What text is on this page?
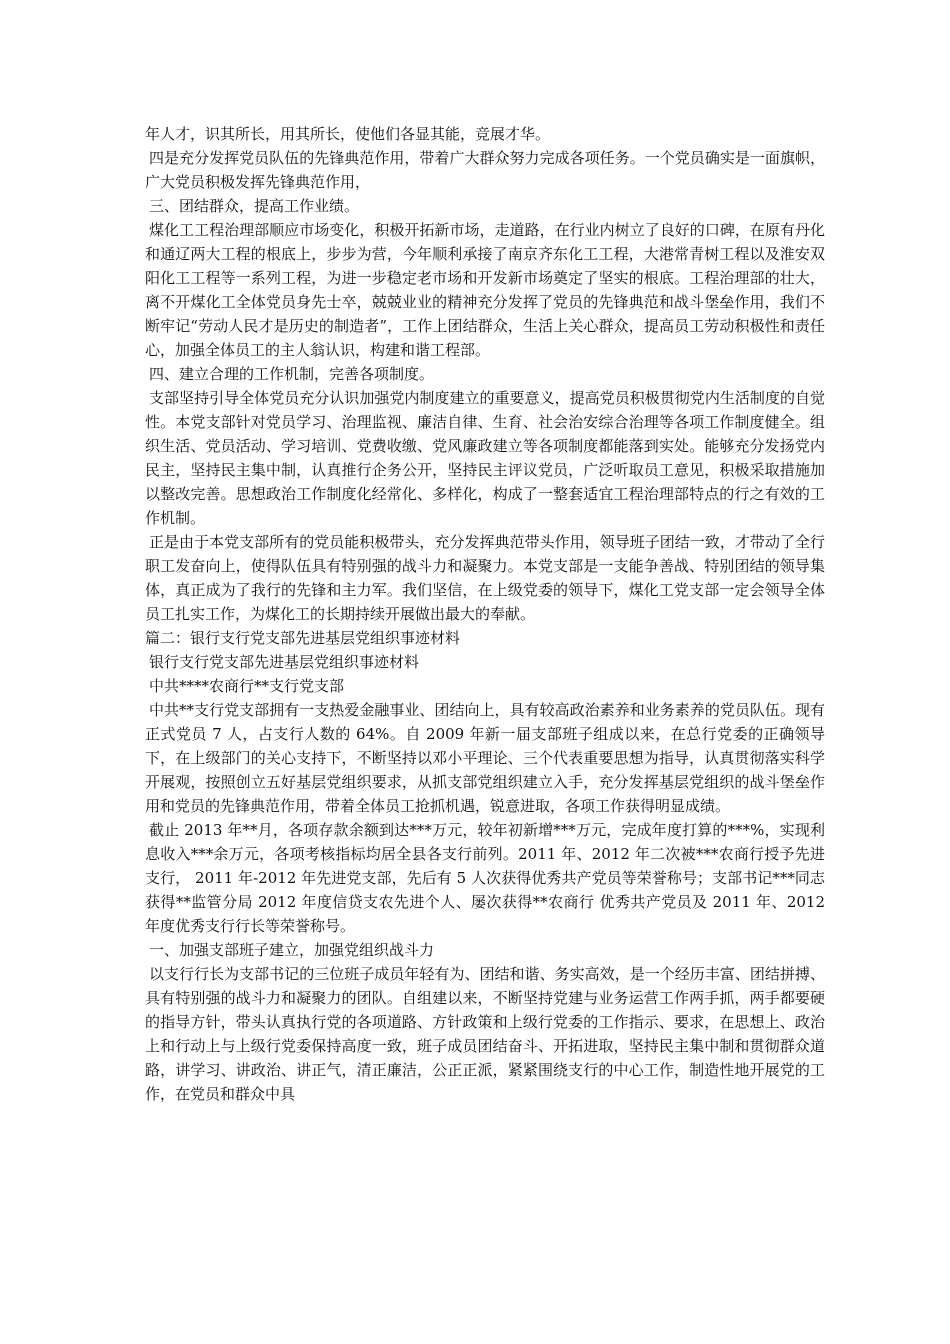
年人才，识其所长，用其所长，使他们各显其能，竞展才华。

四是充分发挥党员队伍的先锋典范作用，带着广大群众努力完成各项任务。一个党员确实是一面旗帜，广大党员积极发挥先锋典范作用，

三、团结群众，提高工作业绩。

煤化工工程治理部顺应市场变化，积极开拓新市场，走道路，在行业内树立了良好的口碑，在原有丹化和通辽两大工程的根底上，步步为营，今年顺利承接了南京齐东化工工程，大港常青树工程以及淮安双阳化工工程等一系列工程，为进一步稳定老市场和开发新市场奠定了坚实的根底。工程治理部的壮大，离不开煤化工全体党员身先士卒，兢兢业业的精神充分发挥了党员的先锋典范和战斗堡垒作用，我们不断牢记“劳动人民才是历史的制造者”，工作上团结群众，生活上关心群众，提高员工劳动积极性和责任心，加强全体员工的主人翁认识，构建和谐工程部。

四、建立合理的工作机制，完善各项制度。

支部坚持引导全体党员充分认识加强党内制度建立的重要意义，提高党员积极贯彻党内生活制度的自觉性。本党支部针对党员学习、治理监视、廉洁自律、生育、社会治安综合治理等各项工作制度健全。组织生活、党员活动、学习培训、党费收缴、党风廉政建立等各项制度都能落到实处。能够充分发扬党内民主，坚持民主集中制，认真推行企务公开，坚持民主评议党员，广泛听取员工意见，积极采取措施加以整改完善。思想政治工作制度化经常化、多样化，构成了一整套适宜工程治理部特点的行之有效的工作机制。

正是由于本党支部所有的党员能积极带头，充分发挥典范带头作用，领导班子团结一致，才带动了全行职工发奋向上，使得队伍具有特别强的战斗力和凝聚力。本党支部是一支能争善战、特别团结的领导集体，真正成为了我行的先锋和主力军。我们坚信，在上级党委的领导下，煤化工党支部一定会领导全体员工扎实工作，为煤化工的长期持续开展做出最大的奉献。

篇二：银行支行党支部先进基层党组织事迹材料

银行支行党支部先进基层党组织事迹材料

中共****农商行**支行党支部

中共**支行党支部拥有一支热爱金融事业、团结向上，具有较高政治素养和业务素养的党员队伍。现有正式党员 7 人，占支行人数的 64%。自 2009 年新一届支部班子组成以来，在总行党委的正确领导下，在上级部门的关心支持下，不断坚持以邓小平理论、三个代表重要思想为指导，认真贯彻落实科学开展观，按照创立五好基层党组织要求，从抓支部党组织建立入手，充分发挥基层党组织的战斗堡垒作用和党员的先锋典范作用，带着全体员工抢抓机遇，锐意进取，各项工作获得明显成绩。

截止 2013 年**月，各项存款余额到达***万元，较年初新增***万元，完成年度打算的***%，实现利息收入***余万元，各项考核指标均居全县各支行前列。2011 年、2012 年二次被***农商行授予先进支行， 2011 年-2012 年先进党支部，先后有 5 人次获得优秀共产党员等荣誉称号；支部书记***同志获得**监管分局 2012 年度信贷支农先进个人、屡次获得**农商行 优秀共产党员及 2011 年、2012 年度优秀支行行长等荣誉称号。

一、加强支部班子建立，加强党组织战斗力

以支行行长为支部书记的三位班子成员年轻有为、团结和谐、务实高效，是一个经历丰富、团结拼搏、具有特别强的战斗力和凝聚力的团队。自组建以来，不断坚持党建与业务运营工作两手抓，两手都要硬的指导方针，带头认真执行党的各项道路、方针政策和上级行党委的工作指示、要求，在思想上、政治上和行动上与上级行党委保持高度一致，班子成员团结奋斗、开拓进取，坚持民主集中制和贯彻群众道路，讲学习、讲政治、讲正气，清正廉洁，公正正派，紧紧围绕支行的中心工作，制造性地开展党的工作，在党员和群众中具
